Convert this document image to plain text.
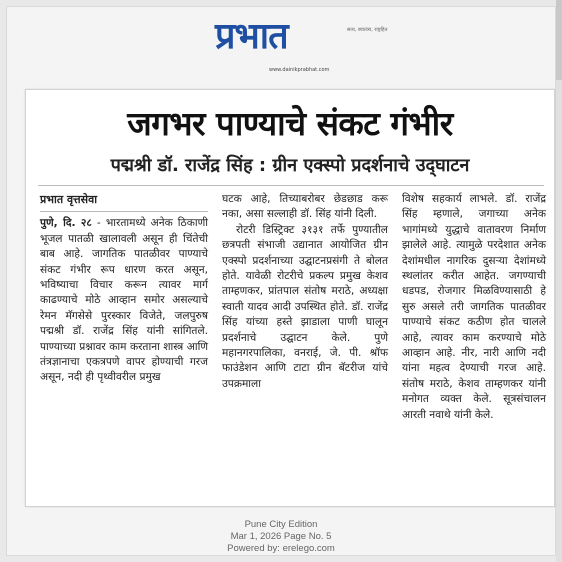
प्रभात	सत्य, स्वातंत्र्य, राष्ट्रहित
www.dainikprabhat.com
जगभर पाण्याचे संकट गंभीर
पद्मश्री डॉ. राजेंद्र सिंह : ग्रीन एक्स्पो प्रदर्शनाचे उद्‌घाटन
प्रभात वृत्तसेवा
पुणे, दि. २८ - भारतामध्ये अनेक ठिकाणी भूजल पातळी खालावली असून ही चिंतेची बाब आहे. जागतिक पातळीवर पाण्याचे संकट गंभीर रूप धारण करत असून, भविष्याचा विचार करून त्यावर मार्ग काढण्याचे मोठे आव्हान समोर असल्याचे रेमन मॅगसेसे पुरस्कार विजेते, जलपुरुष पद्मश्री डॉ. राजेंद्र सिंह यांनी सांगितले. पाण्याच्या प्रश्नावर काम करताना शास्त्र आणि तंत्रज्ञानाचा एकत्रपणे वापर होण्याची गरज असून, नदी ही पृथ्वीवरील प्रमुख
घटक आहे, तिच्याबरोबर छेडछाड करू नका, असा सल्लाही डॉ. सिंह यांनी दिली.
रोटरी डिस्ट्रिक्ट ३१३१ तर्फे पुण्यातील छत्रपती संभाजी उद्यानात आयोजित ग्रीन एक्स्पो प्रदर्शनाच्या उद्घाटनप्रसंगी ते बोलत होते. यावेळी रोटरीचे प्रकल्प प्रमुख केशव ताम्हणकर, प्रांतपाल संतोष मराठे, अध्यक्षा स्वाती यादव आदी उपस्थित होते. डॉ. राजेंद्र सिंह यांच्या हस्ते झाडाला पाणी घालून प्रदर्शनाचे उद्घाटन केले. पुणे महानगरपालिका, वनराई, जे. पी. श्रॉफ फाउंडेशन आणि टाटा ग्रीन बॅटरीज यांचे उपक्रमाला
विशेष सहकार्य लाभले. डॉ. राजेंद्र सिंह म्हणाले, जगाच्या अनेक भागांमध्ये युद्धाचे वातावरण निर्माण झालेले आहे. त्यामुळे परदेशात अनेक देशांमधील नागरिक दुसऱ्या देशांमध्ये स्थलांतर करीत आहेत. जगण्याची धडपड, रोजगार मिळविण्यासाठी हे सुरु असले तरी जागतिक पातळीवर पाण्याचे संकट कठीण होत चालले आहे, त्यावर काम करण्याचे मोठे आव्हान आहे. नीर, नारी आणि नदी यांना महत्व देण्याची गरज आहे. संतोष मराठे, केशव ताम्हणकर यांनी मनोगत व्यक्त केले. सूत्रसंचालन आरती नवाथे यांनी केले.
Pune City Edition
Mar 1, 2026 Page No. 5
Powered by: erelego.com
